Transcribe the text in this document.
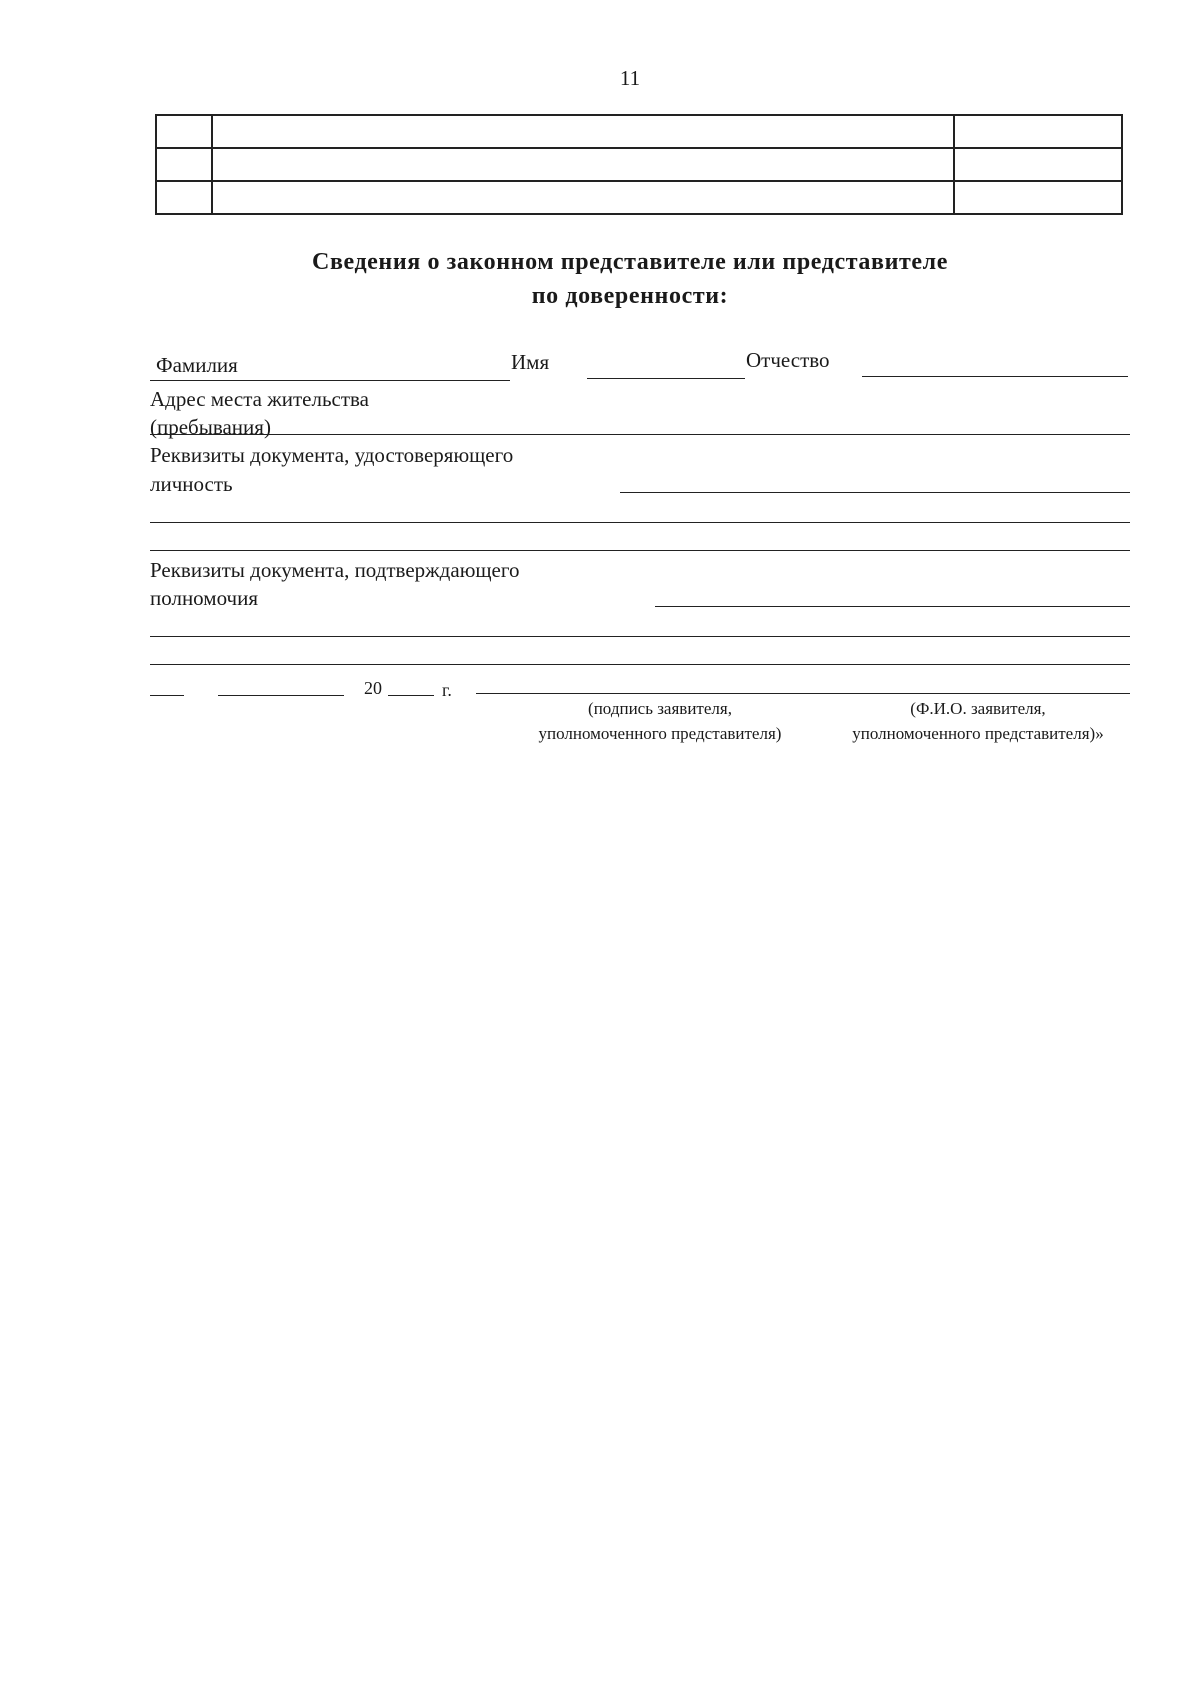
11

Сведения о законном представителе или представителе
по доверенности:
Фамилия	Имя	Отчество
Адрес места жительства
(пребывания)
Реквизиты документа, удостоверяющего
личность
Реквизиты документа, подтверждающего
полномочия
20	г.
(подпись заявителя,
уполномоченного представителя)
(Ф.И.О. заявителя,
уполномоченного представителя)»
